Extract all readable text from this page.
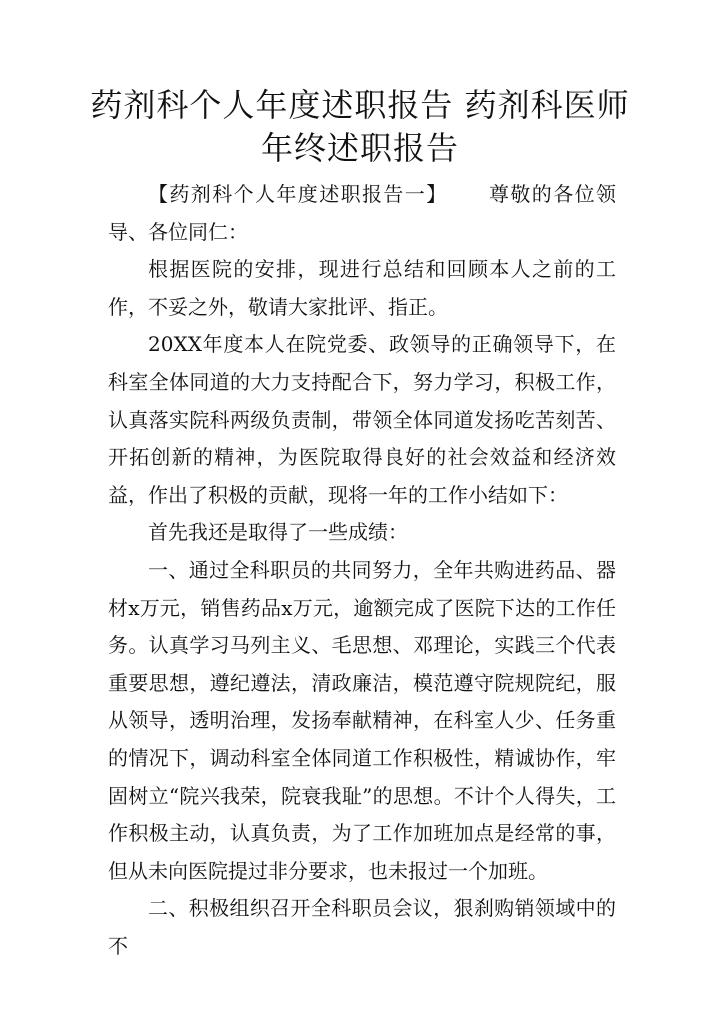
药剂科个人年度述职报告 药剂科医师
年终述职报告

【药剂科个人年度述职报告一】 尊敬的各位领导、各位同仁：

根据医院的安排，现进行总结和回顾本人之前的工作，不妥之外，敬请大家批评、指正。

20XX年度本人在院党委、政领导的正确领导下，在科室全体同道的大力支持配合下，努力学习，积极工作，认真落实院科两级负责制，带领全体同道发扬吃苦刻苦、开拓创新的精神，为医院取得良好的社会效益和经济效益，作出了积极的贡献，现将一年的工作小结如下：

首先我还是取得了一些成绩：

一、通过全科职员的共同努力，全年共购进药品、器材x万元，销售药品x万元，逾额完成了医院下达的工作任务。认真学习马列主义、毛思想、邓理论，实践三个代表重要思想，遵纪遵法，清政廉洁，模范遵守院规院纪，服从领导，透明治理，发扬奉献精神，在科室人少、任务重的情况下，调动科室全体同道工作积极性，精诚协作，牢固树立“院兴我荣，院衰我耻”的思想。不计个人得失，工作积极主动，认真负责，为了工作加班加点是经常的事，但从未向医院提过非分要求，也未报过一个加班。

二、积极组织召开全科职员会议，狠刹购销领域中的不
